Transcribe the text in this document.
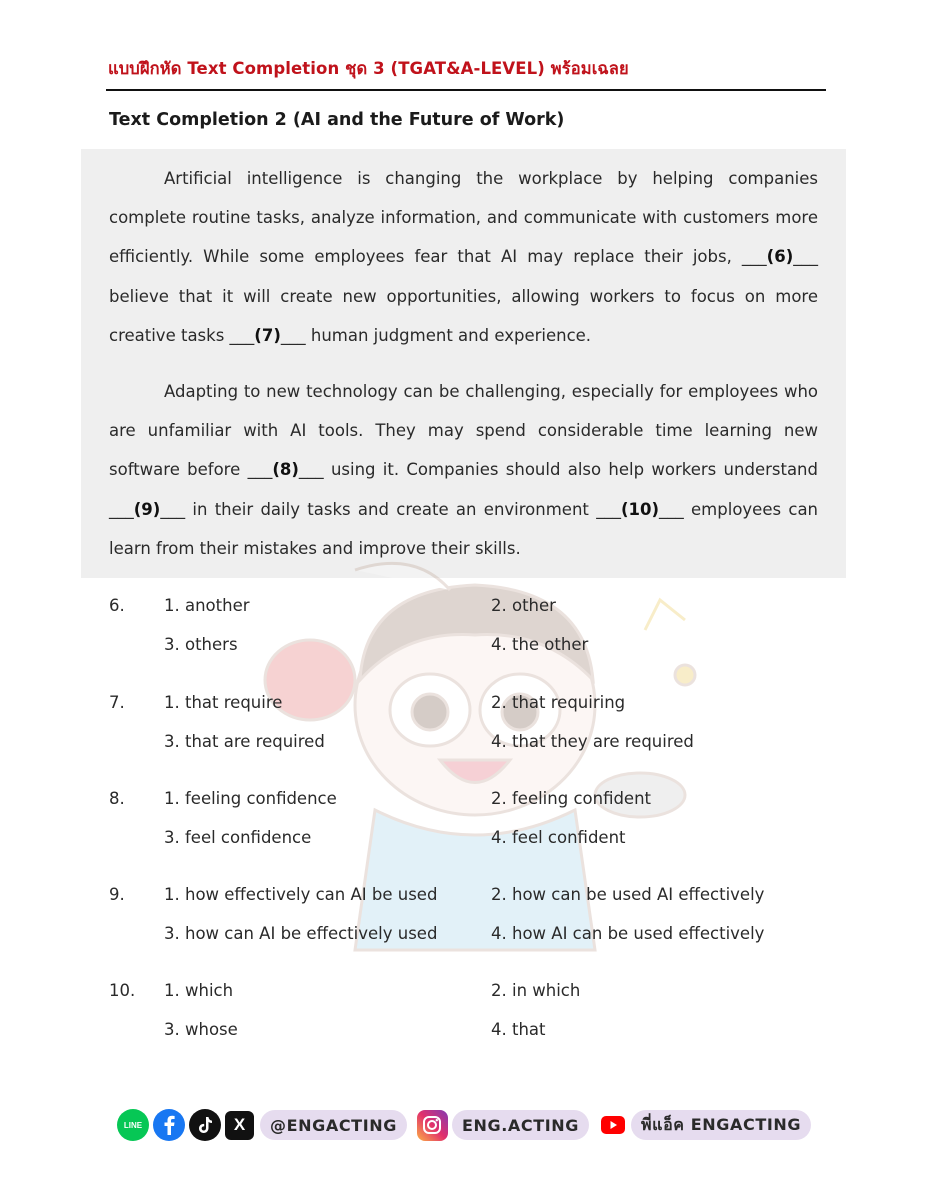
แบบฝึกหัด Text Completion ชุด 3 (TGAT&A-LEVEL) พร้อมเฉลย
Text Completion 2 (AI and the Future of Work)

Artificial intelligence is changing the workplace by helping companies complete routine tasks, analyze information, and communicate with customers more efficiently. While some employees fear that AI may replace their jobs, ___(6)___ believe that it will create new opportunities, allowing workers to focus on more creative tasks ___(7)___ human judgment and experience.

Adapting to new technology can be challenging, especially for employees who are unfamiliar with AI tools. They may spend considerable time learning new software before ___(8)___ using it. Companies should also help workers understand ___(9)___ in their daily tasks and create an environment ___(10)___ employees can learn from their mistakes and improve their skills.

6. 1. another	2. other
3. others	4. the other
7. 1. that require	2. that requiring
3. that are required	4. that they are required
8. 1. feeling confidence	2. feeling confident
3. feel confidence	4. feel confident
9. 1. how effectively can AI be used	2. how can be used AI effectively
3. how can AI be effectively used	4. how AI can be used effectively
10. 1. which	2. in which
3. whose	4. that
LINE	X	@ENGACTING	ENG.ACTING	พี่แอ็ค ENGACTING
